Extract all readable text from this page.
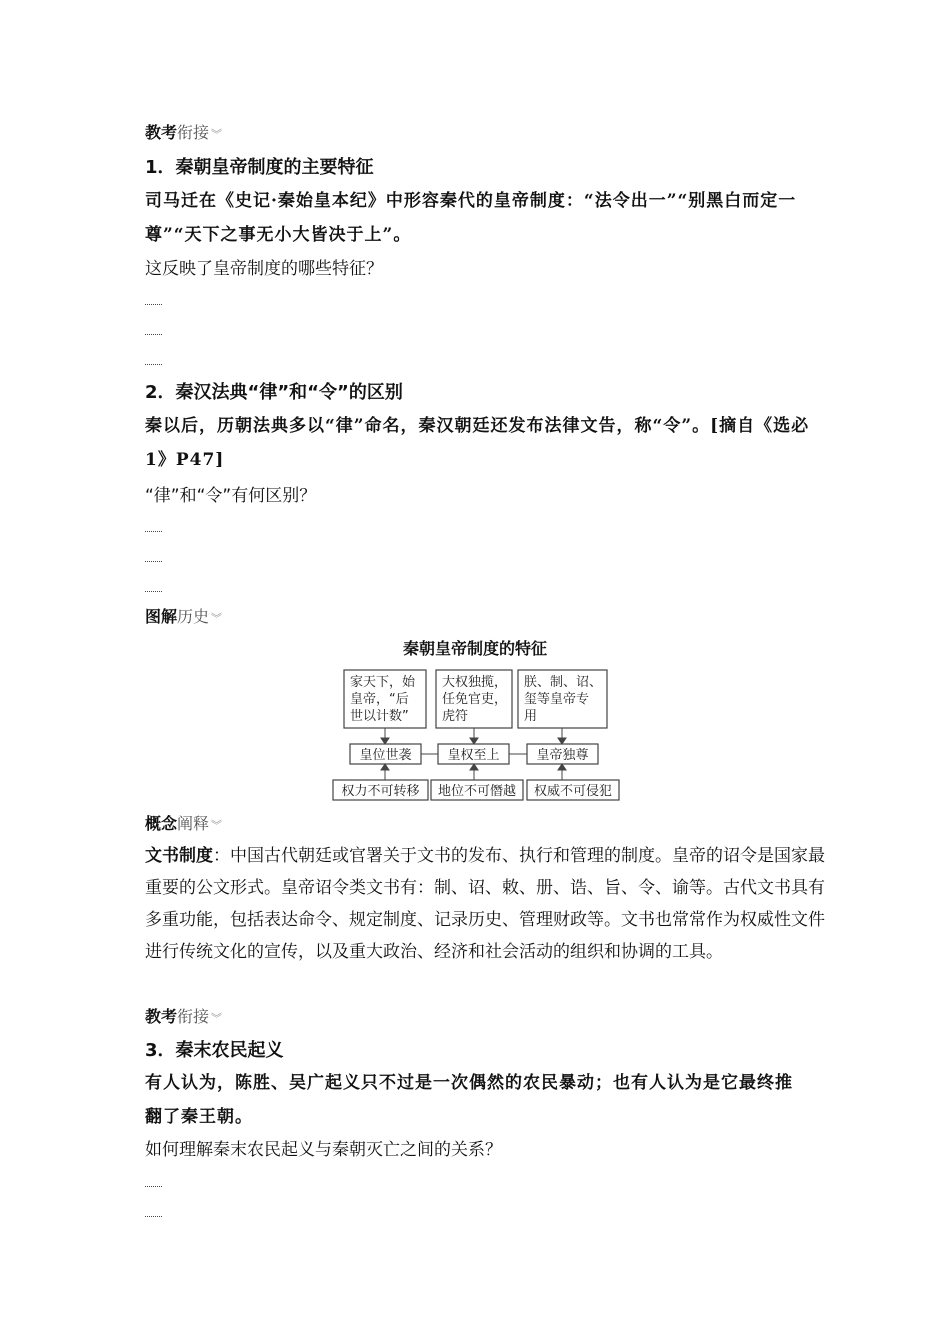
教考衔接 ︾
1．秦朝皇帝制度的主要特征
司马迁在《史记·秦始皇本纪》中形容秦代的皇帝制度：“法令出一”“别黑白而定一尊”“天下之事无小大皆决于上”。
这反映了皇帝制度的哪些特征？
2．秦汉法典“律”和“令”的区别
秦以后，历朝法典多以“律”命名，秦汉朝廷还发布法律文告，称“令”。[摘自《选必 1》P47]
“律”和“令”有何区别？
图解历史 ︾
秦朝皇帝制度的特征
家天下，始
皇帝，“后
世以计数”
大权独揽，
任免官吏，
虎符
朕、制、诏、
玺等皇帝专
用
皇位世袭	皇权至上	皇帝独尊
权力不可转移 地位不可僭越 权威不可侵犯
概念阐释 ︾
文书制度：中国古代朝廷或官署关于文书的发布、执行和管理的制度。皇帝的诏令是国家最重要的公文形式。皇帝诏令类文书有：制、诏、敕、册、诰、旨、令、谕等。古代文书具有多重功能，包括表达命令、规定制度、记录历史、管理财政等。文书也常常作为权威性文件进行传统文化的宣传，以及重大政治、经济和社会活动的组织和协调的工具。
教考衔接 ︾
3．秦末农民起义
有人认为，陈胜、吴广起义只不过是一次偶然的农民暴动；也有人认为是它最终推翻了秦王朝。
如何理解秦末农民起义与秦朝灭亡之间的关系？
